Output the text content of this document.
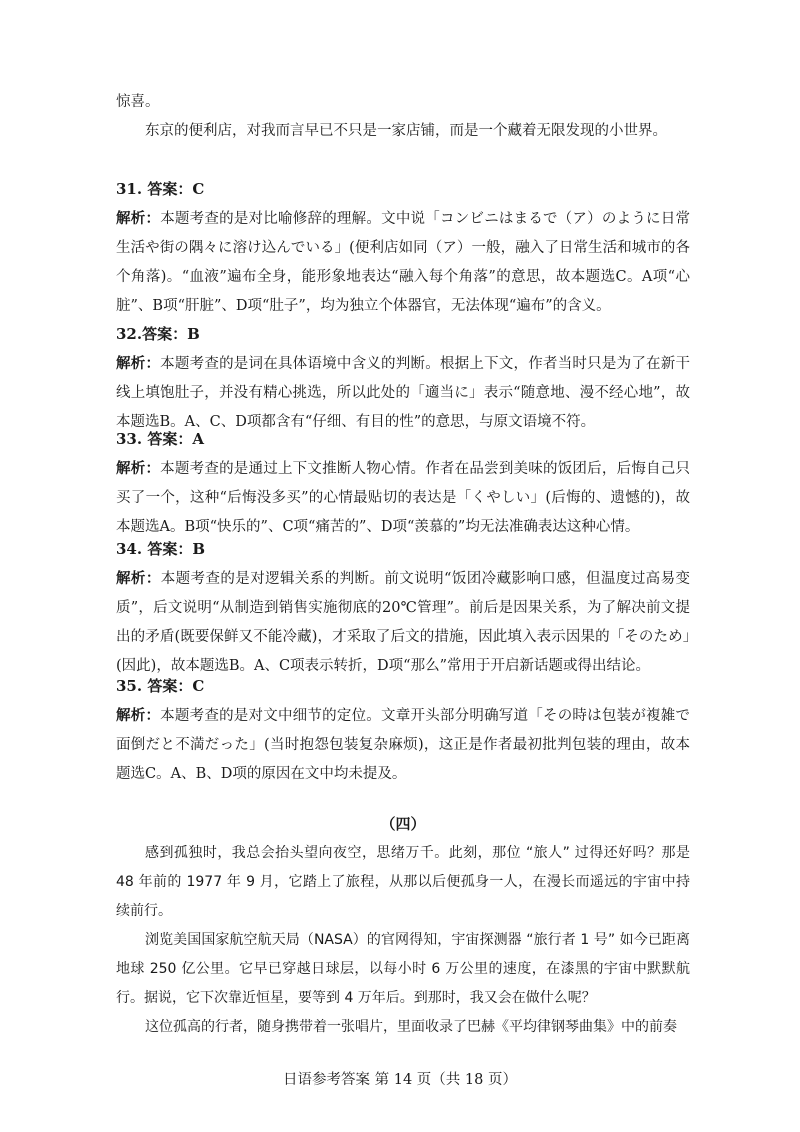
惊喜。

东京的便利店，对我而言早已不只是一家店铺，而是一个藏着无限发现的小世界。

31. 答案：C

解析：本题考查的是对比喻修辞的理解。文中说「コンビニはまるで（ア）のように日常生活や街の隅々に溶け込んでいる」(便利店如同（ア）一般，融入了日常生活和城市的各个角落)。“血液”遍布全身，能形象地表达“融入每个角落”的意思，故本题选C。A项“心脏”、B项“肝脏”、D项“肚子”，均为独立个体器官，无法体现“遍布”的含义。

32.答案：B

解析：本题考查的是词在具体语境中含义的判断。根据上下文，作者当时只是为了在新干线上填饱肚子，并没有精心挑选，所以此处的「適当に」表示“随意地、漫不经心地”，故本题选B。A、C、D项都含有“仔细、有目的性”的意思，与原文语境不符。

33. 答案：A

解析：本题考查的是通过上下文推断人物心情。作者在品尝到美味的饭团后，后悔自己只买了一个，这种“后悔没多买”的心情最贴切的表达是「くやしい」(后悔的、遗憾的)，故本题选A。B项“快乐的”、C项“痛苦的”、D项“羡慕的”均无法准确表达这种心情。

34. 答案：B

解析：本题考查的是对逻辑关系的判断。前文说明“饭团冷藏影响口感，但温度过高易变质”，后文说明“从制造到销售实施彻底的20℃管理”。前后是因果关系，为了解决前文提出的矛盾(既要保鲜又不能冷藏)，才采取了后文的措施，因此填入表示因果的「そのため」(因此)，故本题选B。A、C项表示转折，D项“那么”常用于开启新话题或得出结论。

35. 答案：C

解析：本题考查的是对文中细节的定位。文章开头部分明确写道「その時は包装が複雑で面倒だと不満だった」(当时抱怨包装复杂麻烦)，这正是作者最初批判包装的理由，故本题选C。A、B、D项的原因在文中均未提及。

（四）

感到孤独时，我总会抬头望向夜空，思绪万千。此刻，那位 “旅人” 过得还好吗？那是 48 年前的 1977 年 9 月，它踏上了旅程，从那以后便孤身一人，在漫长而遥远的宇宙中持续前行。

浏览美国国家航空航天局（NASA）的官网得知，宇宙探测器 “旅行者 1 号” 如今已距离地球 250 亿公里。它早已穿越日球层，以每小时 6 万公里的速度，在漆黑的宇宙中默默航行。据说，它下次靠近恒星，要等到 4 万年后。到那时，我又会在做什么呢？

这位孤高的行者，随身携带着一张唱片，里面收录了巴赫《平均律钢琴曲集》中的前奏

日语参考答案 第 14 页（共 18 页）
